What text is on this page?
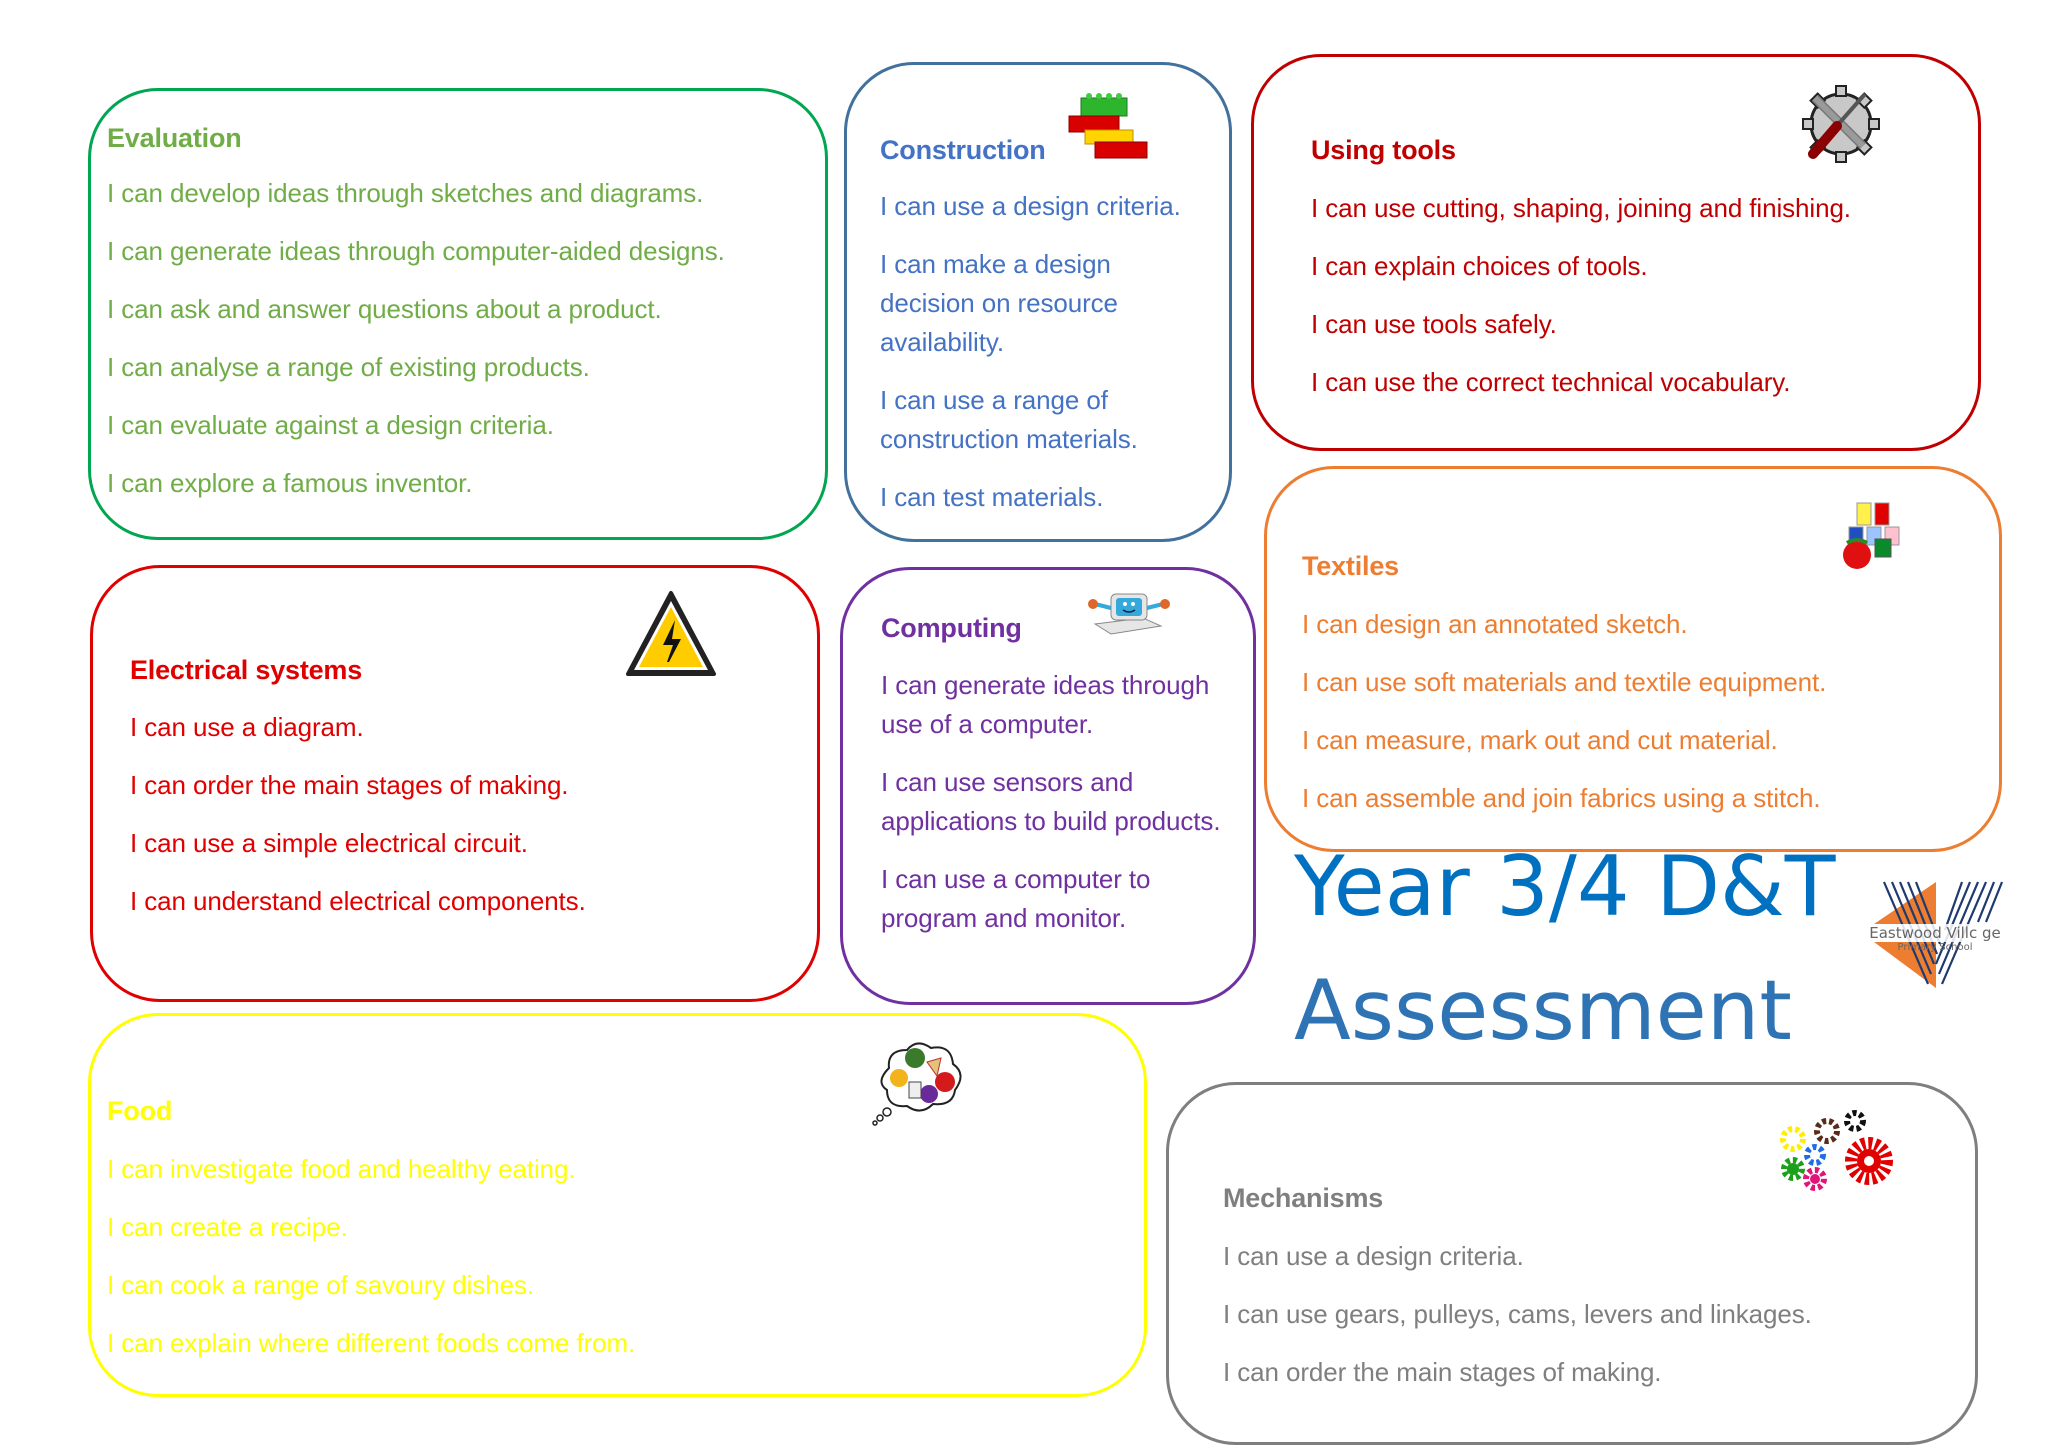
Evaluation
I can develop ideas through sketches and diagrams.
I can generate ideas through computer-aided designs.
I can ask and answer questions about a product.
I can analyse a range of existing products.
I can evaluate against a design criteria.
I can explore a famous inventor.
Construction
I can use a design criteria.
I can make a design decision on resource availability.
I can use a range of construction materials.
I can test materials.
Using tools
I can use cutting, shaping, joining and finishing.
I can explain choices of tools.
I can use tools safely.
I can use the correct technical vocabulary.
Textiles
I can design an annotated sketch.
I can use soft materials and textile equipment.
I can measure, mark out and cut material.
I can assemble and join fabrics using a stitch.
Electrical systems
I can use a diagram.
I can order the main stages of making.
I can use a simple electrical circuit.
I can understand electrical components.
Computing
I can generate ideas through use of a computer.
I can use sensors and applications to build products.
I can use a computer to program and monitor.
Food
I can investigate food and healthy eating.
I can create a recipe.
I can cook a range of savoury dishes.
I can explain where different foods come from.
Year 3/4 D&T
Assessment
Eastwood Villc ge
Primary School
Mechanisms
I can use a design criteria.
I can use gears, pulleys, cams, levers and linkages.
I can order the main stages of making.
